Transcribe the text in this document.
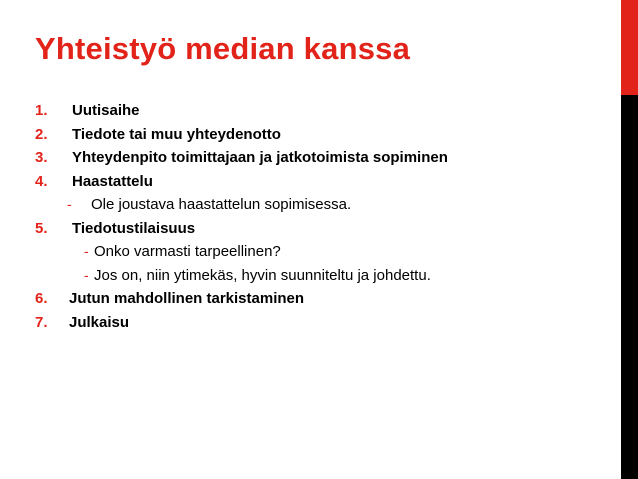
Yhteistyö median kanssa
1. Uutisaihe
2. Tiedote tai muu yhteydenotto
3. Yhteydenpito toimittajaan ja jatkotoimista sopiminen
4. Haastattelu
- Ole joustava haastattelun sopimisessa.
5. Tiedotustilaisuus
- Onko varmasti tarpeellinen?
- Jos on, niin ytimekäs, hyvin suunniteltu ja johdettu.
6. Jutun mahdollinen tarkistaminen
7. Julkaisu
